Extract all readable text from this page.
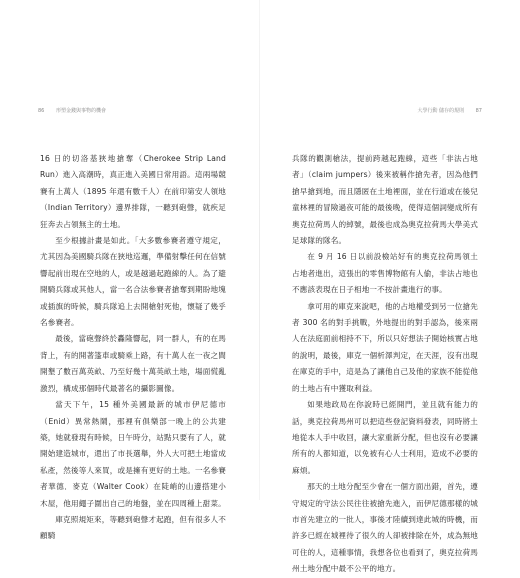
86 形塑金錢與事物的機會

16 日的切洛基狹地搶奪（Cherokee Strip Land Run）進入高潮時，真正進入美國日常用語。這兩場競賽有上萬人（1895 年還有數千人）在前印第安人領地（Indian Territory）邊界排隊，一聽到砲聲，就疾足狂奔去占領無主的土地。

至少根據計畫是如此。「大多數參賽者遵守規定，尤其因為美國騎兵隊在狹地巡邏，準備射擊任何在信號響起前出現在空地的人，或是越過起跑線的人。為了避開騎兵隊或其他人，當一名合法參賽者搶奪到期盼地塊或插旗的時候，騎兵隊追上去開槍射死他，懷疑了幾乎名參賽者。

最後，當砲聲終於轟隆響起，同一群人，有的在馬背上，有的開著篷車或騎乘上路，有十萬人在一夜之間開墾了數百萬英畝、乃至好幾十萬英畝土地，場面慌亂激烈，構成那個時代最著名的攝影圖像。

當天下午，15 種外美國最新的城市伊尼德市（Enid）異常熱鬧，那裡有俱樂部一晚上的公共建築，她就發現有時候，日午時分，站點只要有了人，就開始建造城市，還出了市長選舉，外人大可把土地當成私產，然後等人來買，或是擁有更好的土地。一名參賽者華德．麥克（Walter Cook）在陡峭的山邊搭建小木屋，他用繩子圍出自己的地盤，並在四周種上甜菜。

庫克照規矩來，等聽到砲聲才起跑，但有很多人不顧騎

大學行動 儲存的規則 87

兵隊的觀測槍法，提前跨越起跑線，這些「非法占地者」（claim jumpers）後來被稱作搶先者，因為他們搶早搶到地，而且隱匿在土地裡面，並在行道或在後兒童林裡的冒險過夜可能的最後晚，使得這個詞變成所有奧克拉荷馬人的綽號，最後也成為奧克拉荷馬大學美式足球隊的隊名。

在 9 月 16 日以前設檢站好有的奧克拉荷馬領土占地者進出，這張出的零售博物館有人偷，非法占地也不應該表現在日子相地一不按計畫進行的事。

拿可用的庫克來說吧，他的占地權受到另一位搶先者 300 名的對手挑戰，外地提出的對手認為，後來兩人在法庭面前相持不下，所以只好想法子開始核實占地的說明，最後，庫克一個析澤判定，在天涯，沒有出現在庫克的手中，這是為了讓他自己及他的家族不能從他的土地占有中獲取利益。

如果地政局在你說時已經開門，並且就有能力的話，奧克拉荷馬州可以把這些登記資料發表，同時將土地從本人手中收回，讓大家重新分配，但也沒有必要讓所有的人都知道，以免被有心人士利用，造成不必要的麻煩。

那天的土地分配至少會在一個方面出錯，首先，遵守規定的守法公民往往被搶先進入，而伊尼德那樣的城市首先建立的一批人，事後才陸續到達此城的時機，而許多已經在城裡待了很久的人卻被排除在外，成為無地可住的人，這種事情，我想各位也看到了，奧克拉荷馬州土地分配中最不公平的地方。
